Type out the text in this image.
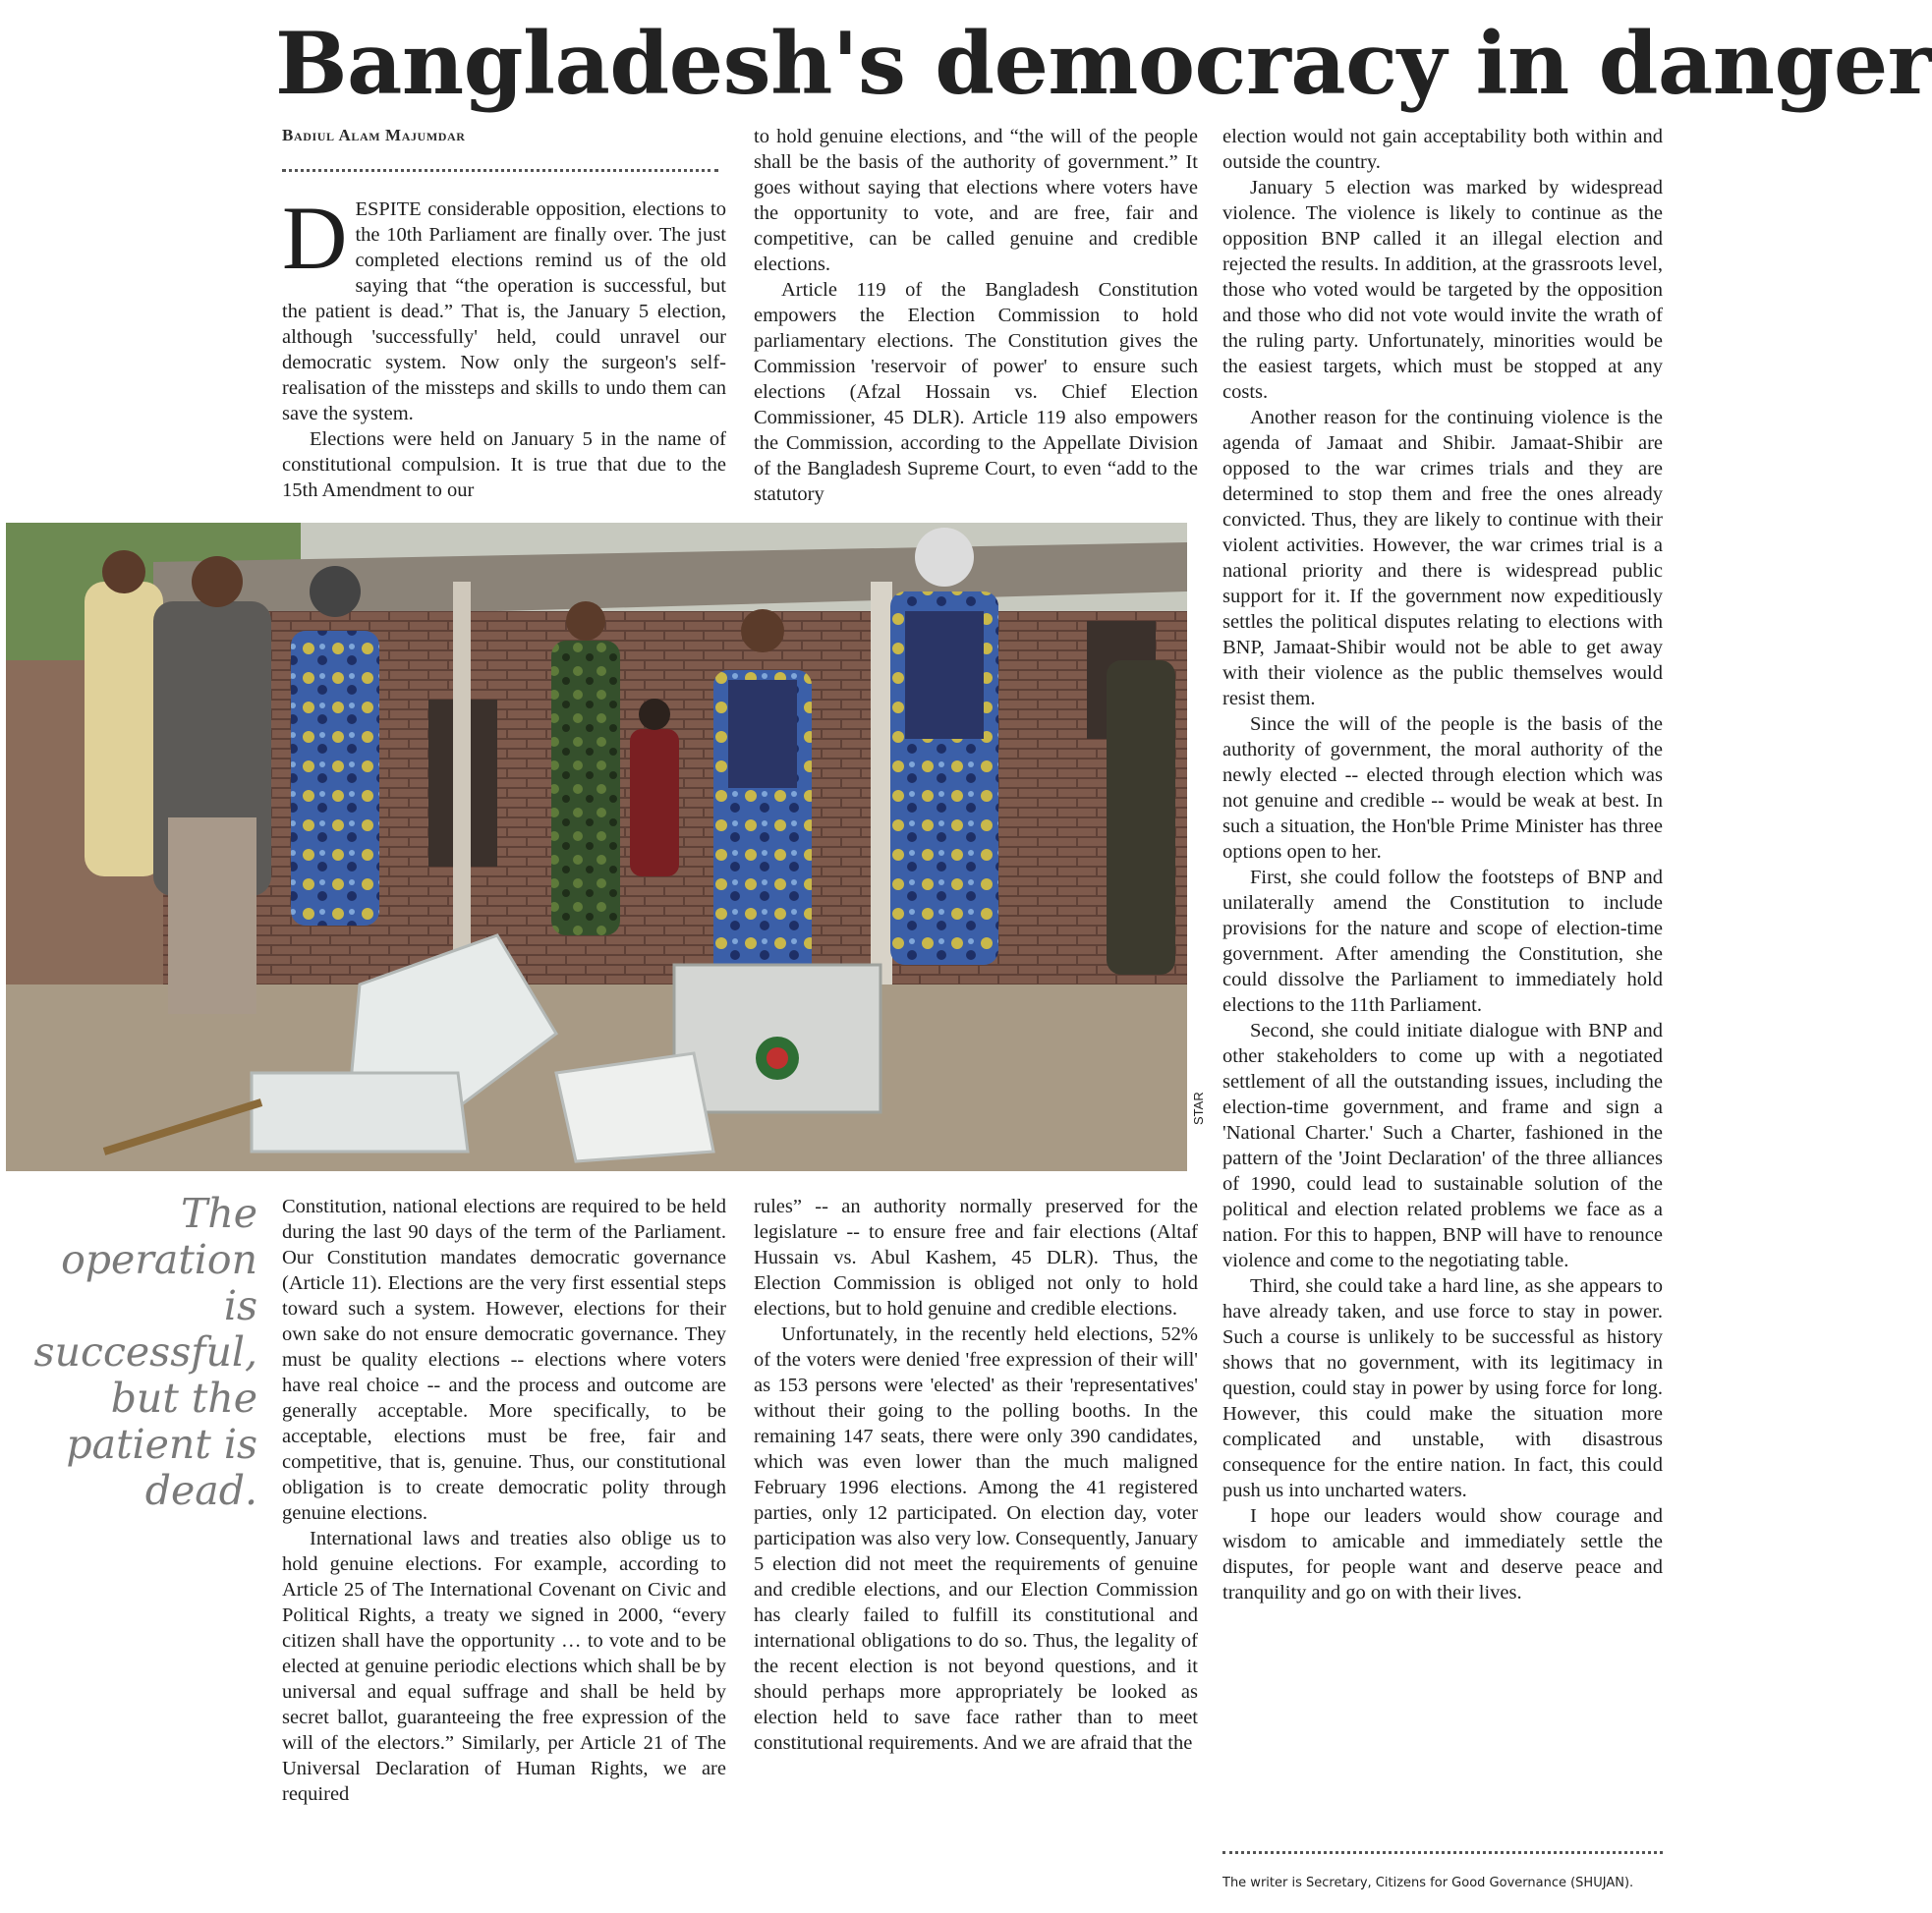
Bangladesh's democracy in danger
Badiul Alam Majumdar

DESPITE considerable opposition, elections to the 10th Parliament are finally over. The just completed elections remind us of the old saying that “the operation is successful, but the patient is dead.” That is, the January 5 election, although 'successfully' held, could unravel our democratic system. Now only the surgeon's self-realisation of the missteps and skills to undo them can save the system.

Elections were held on January 5 in the name of constitutional compulsion. It is true that due to the 15th Amendment to our

to hold genuine elections, and “the will of the people shall be the basis of the authority of government.” It goes without saying that elections where voters have the opportunity to vote, and are free, fair and competitive, can be called genuine and credible elections.

Article 119 of the Bangladesh Constitution empowers the Election Commission to hold parliamentary elections. The Constitution gives the Commission 'reservoir of power' to ensure such elections (Afzal Hossain vs. Chief Election Commissioner, 45 DLR). Article 119 also empowers the Commission, according to the Appellate Division of the Bangladesh Supreme Court, to even “add to the statutory

STAR
The operation is successful, but the patient is dead.

Constitution, national elections are required to be held during the last 90 days of the term of the Parliament. Our Constitution mandates democratic governance (Article 11). Elections are the very first essential steps toward such a system. However, elections for their own sake do not ensure democratic governance. They must be quality elections -- elections where voters have real choice -- and the process and outcome are generally acceptable. More specifically, to be acceptable, elections must be free, fair and competitive, that is, genuine. Thus, our constitutional obligation is to create democratic polity through genuine elections.

International laws and treaties also oblige us to hold genuine elections. For example, according to Article 25 of The International Covenant on Civic and Political Rights, a treaty we signed in 2000, “every citizen shall have the opportunity … to vote and to be elected at genuine periodic elections which shall be by universal and equal suffrage and shall be held by secret ballot, guaranteeing the free expression of the will of the electors.” Similarly, per Article 21 of The Universal Declaration of Human Rights, we are required

rules” -- an authority normally preserved for the legislature -- to ensure free and fair elections (Altaf Hussain vs. Abul Kashem, 45 DLR). Thus, the Election Commission is obliged not only to hold elections, but to hold genuine and credible elections.

Unfortunately, in the recently held elections, 52% of the voters were denied 'free expression of their will' as 153 persons were 'elected' as their 'representatives' without their going to the polling booths. In the remaining 147 seats, there were only 390 candidates, which was even lower than the much maligned February 1996 elections. Among the 41 registered parties, only 12 participated. On election day, voter participation was also very low. Consequently, January 5 election did not meet the requirements of genuine and credible elections, and our Election Commission has clearly failed to fulfill its constitutional and international obligations to do so. Thus, the legality of the recent election is not beyond questions, and it should perhaps more appropriately be looked as election held to save face rather than to meet constitutional requirements. And we are afraid that the

election would not gain acceptability both within and outside the country.

January 5 election was marked by widespread violence. The violence is likely to continue as the opposition BNP called it an illegal election and rejected the results. In addition, at the grassroots level, those who voted would be targeted by the opposition and those who did not vote would invite the wrath of the ruling party. Unfortunately, minorities would be the easiest targets, which must be stopped at any costs.

Another reason for the continuing violence is the agenda of Jamaat and Shibir. Jamaat-Shibir are opposed to the war crimes trials and they are determined to stop them and free the ones already convicted. Thus, they are likely to continue with their violent activities. However, the war crimes trial is a national priority and there is widespread public support for it. If the government now expeditiously settles the political disputes relating to elections with BNP, Jamaat-Shibir would not be able to get away with their violence as the public themselves would resist them.

Since the will of the people is the basis of the authority of government, the moral authority of the newly elected -- elected through election which was not genuine and credible -- would be weak at best. In such a situation, the Hon'ble Prime Minister has three options open to her.

First, she could follow the footsteps of BNP and unilaterally amend the Constitution to include provisions for the nature and scope of election-time government. After amending the Constitution, she could dissolve the Parliament to immediately hold elections to the 11th Parliament.

Second, she could initiate dialogue with BNP and other stakeholders to come up with a negotiated settlement of all the outstanding issues, including the election-time government, and frame and sign a 'National Charter.' Such a Charter, fashioned in the pattern of the 'Joint Declaration' of the three alliances of 1990, could lead to sustainable solution of the political and election related problems we face as a nation. For this to happen, BNP will have to renounce violence and come to the negotiating table.

Third, she could take a hard line, as she appears to have already taken, and use force to stay in power. Such a course is unlikely to be successful as history shows that no government, with its legitimacy in question, could stay in power by using force for long. However, this could make the situation more complicated and unstable, with disastrous consequence for the entire nation. In fact, this could push us into uncharted waters.

I hope our leaders would show courage and wisdom to amicable and immediately settle the disputes, for people want and deserve peace and tranquility and go on with their lives.

The writer is Secretary, Citizens for Good Governance (SHUJAN).
